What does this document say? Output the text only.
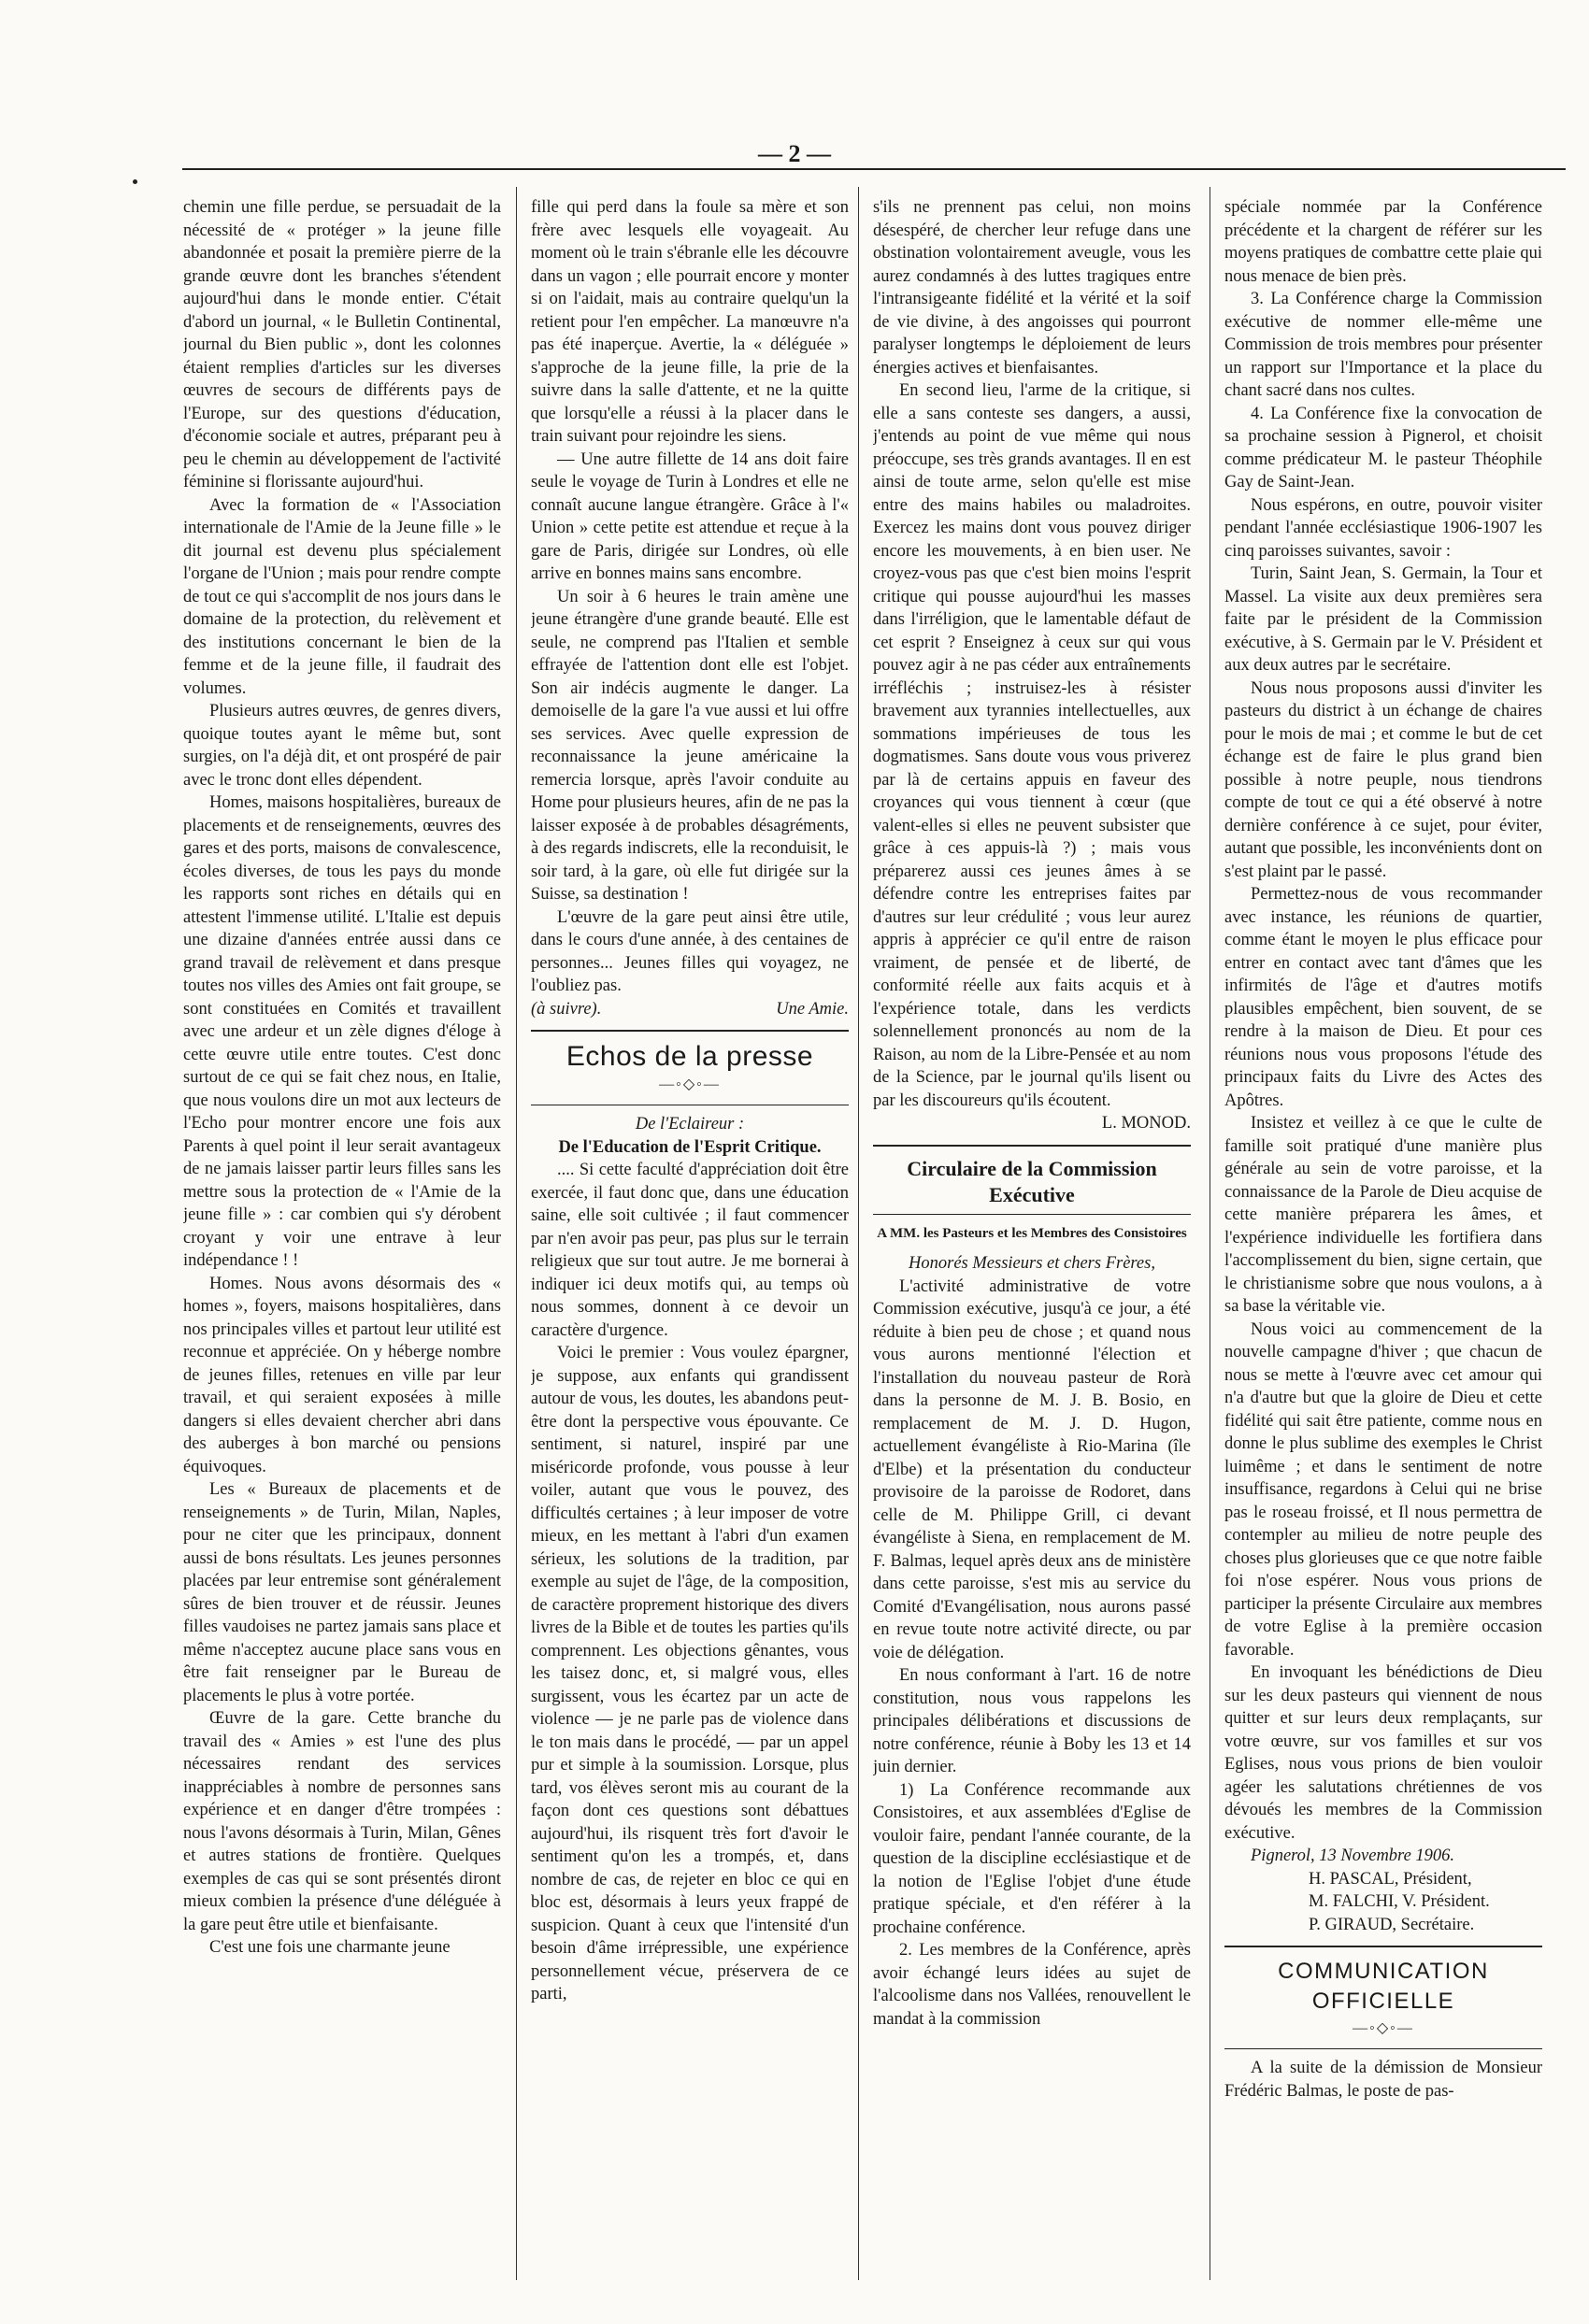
— 2 —

chemin une fille perdue, se persuadait de la nécessité de « protéger » la jeune fille abandonnée et posait la première pierre de la grande œuvre dont les branches s'étendent aujourd'hui dans le monde entier. C'était d'abord un journal, « le Bulletin Continental, journal du Bien public », dont les colonnes étaient remplies d'articles sur les diverses œuvres de secours de différents pays de l'Europe, sur des questions d'éducation, d'économie sociale et autres, préparant peu à peu le chemin au développement de l'activité féminine si florissante aujourd'hui.

Avec la formation de « l'Association internationale de l'Amie de la Jeune fille » le dit journal est devenu plus spécialement l'organe de l'Union ; mais pour rendre compte de tout ce qui s'accomplit de nos jours dans le domaine de la protection, du relèvement et des institutions concernant le bien de la femme et de la jeune fille, il faudrait des volumes.

Plusieurs autres œuvres, de genres divers, quoique toutes ayant le même but, sont surgies, on l'a déjà dit, et ont prospéré de pair avec le tronc dont elles dépendent.

Homes, maisons hospitalières, bureaux de placements et de renseignements, œuvres des gares et des ports, maisons de convalescence, écoles diverses, de tous les pays du monde les rapports sont riches en détails qui en attestent l'immense utilité. L'Italie est depuis une dizaine d'années entrée aussi dans ce grand travail de relèvement et dans presque toutes nos villes des Amies ont fait groupe, se sont constituées en Comités et travaillent avec une ardeur et un zèle dignes d'éloge à cette œuvre utile entre toutes. C'est donc surtout de ce qui se fait chez nous, en Italie, que nous voulons dire un mot aux lecteurs de l'Echo pour montrer encore une fois aux Parents à quel point il leur serait avantageux de ne jamais laisser partir leurs filles sans les mettre sous la protection de « l'Amie de la jeune fille » : car combien qui s'y dérobent croyant y voir une entrave à leur indépendance ! !

Homes. Nous avons désormais des « homes », foyers, maisons hospitalières, dans nos principales villes et partout leur utilité est reconnue et appréciée. On y héberge nombre de jeunes filles, retenues en ville par leur travail, et qui seraient exposées à mille dangers si elles devaient chercher abri dans des auberges à bon marché ou pensions équivoques.

Les « Bureaux de placements et de renseignements » de Turin, Milan, Naples, pour ne citer que les principaux, donnent aussi de bons résultats. Les jeunes personnes placées par leur entremise sont généralement sûres de bien trouver et de réussir. Jeunes filles vaudoises ne partez jamais sans place et même n'acceptez aucune place sans vous en être fait renseigner par le Bureau de placements le plus à votre portée.

Œuvre de la gare. Cette branche du travail des « Amies » est l'une des plus nécessaires rendant des services inappréciables à nombre de personnes sans expérience et en danger d'être trompées : nous l'avons désormais à Turin, Milan, Gênes et autres stations de frontière. Quelques exemples de cas qui se sont présentés diront mieux combien la présence d'une déléguée à la gare peut être utile et bienfaisante.

C'est une fois une charmante jeune

fille qui perd dans la foule sa mère et son frère avec lesquels elle voyageait. Au moment où le train s'ébranle elle les découvre dans un vagon ; elle pourrait encore y monter si on l'aidait, mais au contraire quelqu'un la retient pour l'en empêcher. La manœuvre n'a pas été inaperçue. Avertie, la « déléguée » s'approche de la jeune fille, la prie de la suivre dans la salle d'attente, et ne la quitte que lorsqu'elle a réussi à la placer dans le train suivant pour rejoindre les siens.

— Une autre fillette de 14 ans doit faire seule le voyage de Turin à Londres et elle ne connaît aucune langue étrangère. Grâce à l'« Union » cette petite est attendue et reçue à la gare de Paris, dirigée sur Londres, où elle arrive en bonnes mains sans encombre.

Un soir à 6 heures le train amène une jeune étrangère d'une grande beauté. Elle est seule, ne comprend pas l'Italien et semble effrayée de l'attention dont elle est l'objet. Son air indécis augmente le danger. La demoiselle de la gare l'a vue aussi et lui offre ses services. Avec quelle expression de reconnaissance la jeune américaine la remercia lorsque, après l'avoir conduite au Home pour plusieurs heures, afin de ne pas la laisser exposée à de probables désagréments, à des regards indiscrets, elle la reconduisit, le soir tard, à la gare, où elle fut dirigée sur la Suisse, sa destination !

L'œuvre de la gare peut ainsi être utile, dans le cours d'une année, à des centaines de personnes... Jeunes filles qui voyagez, ne l'oubliez pas.

(à suivre).	Une Amie.
Echos de la presse
—◦◇◦—

De l'Eclaireur :

De l'Education de l'Esprit Critique.

.... Si cette faculté d'appréciation doit être exercée, il faut donc que, dans une éducation saine, elle soit cultivée ; il faut commencer par n'en avoir pas peur, pas plus sur le terrain religieux que sur tout autre. Je me bornerai à indiquer ici deux motifs qui, au temps où nous sommes, donnent à ce devoir un caractère d'urgence.

Voici le premier : Vous voulez épargner, je suppose, aux enfants qui grandissent autour de vous, les doutes, les abandons peut-être dont la perspective vous épouvante. Ce sentiment, si naturel, inspiré par une miséricorde profonde, vous pousse à leur voiler, autant que vous le pouvez, des difficultés certaines ; à leur imposer de votre mieux, en les mettant à l'abri d'un examen sérieux, les solutions de la tradition, par exemple au sujet de l'âge, de la composition, de caractère proprement historique des divers livres de la Bible et de toutes les parties qu'ils comprennent. Les objections gênantes, vous les taisez donc, et, si malgré vous, elles surgissent, vous les écartez par un acte de violence — je ne parle pas de violence dans le ton mais dans le procédé, — par un appel pur et simple à la soumission. Lorsque, plus tard, vos élèves seront mis au courant de la façon dont ces questions sont débattues aujourd'hui, ils risquent très fort d'avoir le sentiment qu'on les a trompés, et, dans nombre de cas, de rejeter en bloc ce qui en bloc est, désormais à leurs yeux frappé de suspicion. Quant à ceux que l'intensité d'un besoin d'âme irrépressible, une expérience personnellement vécue, préservera de ce parti,

s'ils ne prennent pas celui, non moins désespéré, de chercher leur refuge dans une obstination volontairement aveugle, vous les aurez condamnés à des luttes tragiques entre l'intransigeante fidélité et la vérité et la soif de vie divine, à des angoisses qui pourront paralyser longtemps le déploiement de leurs énergies actives et bienfaisantes.

En second lieu, l'arme de la critique, si elle a sans conteste ses dangers, a aussi, j'entends au point de vue même qui nous préoccupe, ses très grands avantages. Il en est ainsi de toute arme, selon qu'elle est mise entre des mains habiles ou maladroites. Exercez les mains dont vous pouvez diriger encore les mouvements, à en bien user. Ne croyez-vous pas que c'est bien moins l'esprit critique qui pousse aujourd'hui les masses dans l'irréligion, que le lamentable défaut de cet esprit ? Enseignez à ceux sur qui vous pouvez agir à ne pas céder aux entraînements irréfléchis ; instruisez-les à résister bravement aux tyrannies intellectuelles, aux sommations impérieuses de tous les dogmatismes. Sans doute vous vous priverez par là de certains appuis en faveur des croyances qui vous tiennent à cœur (que valent-elles si elles ne peuvent subsister que grâce à ces appuis-là ?) ; mais vous préparerez aussi ces jeunes âmes à se défendre contre les entreprises faites par d'autres sur leur crédulité ; vous leur aurez appris à apprécier ce qu'il entre de raison vraiment, de pensée et de liberté, de conformité réelle aux faits acquis et à l'expérience totale, dans les verdicts solennellement prononcés au nom de la Raison, au nom de la Libre-Pensée et au nom de la Science, par le journal qu'ils lisent ou par les discoureurs qu'ils écoutent.

L. MONOD.

Circulaire de la Commission Exécutive
A MM. les Pasteurs et les Membres des Consistoires

Honorés Messieurs et chers Frères,

L'activité administrative de votre Commission exécutive, jusqu'à ce jour, a été réduite à bien peu de chose ; et quand nous vous aurons mentionné l'élection et l'installation du nouveau pasteur de Rorà dans la personne de M. J. B. Bosio, en remplacement de M. J. D. Hugon, actuellement évangéliste à Rio-Marina (île d'Elbe) et la présentation du conducteur provisoire de la paroisse de Rodoret, dans celle de M. Philippe Grill, ci devant évangéliste à Siena, en remplacement de M. F. Balmas, lequel après deux ans de ministère dans cette paroisse, s'est mis au service du Comité d'Evangélisation, nous aurons passé en revue toute notre activité directe, ou par voie de délégation.

En nous conformant à l'art. 16 de notre constitution, nous vous rappelons les principales délibérations et discussions de notre conférence, réunie à Boby les 13 et 14 juin dernier.

1) La Conférence recommande aux Consistoires, et aux assemblées d'Eglise de vouloir faire, pendant l'année courante, de la question de la discipline ecclésiastique et de la notion de l'Eglise l'objet d'une étude pratique spéciale, et d'en référer à la prochaine conférence.

2. Les membres de la Conférence, après avoir échangé leurs idées au sujet de l'alcoolisme dans nos Vallées, renouvellent le mandat à la commission

spéciale nommée par la Conférence précédente et la chargent de référer sur les moyens pratiques de combattre cette plaie qui nous menace de bien près.

3. La Conférence charge la Commission exécutive de nommer elle-même une Commission de trois membres pour présenter un rapport sur l'Importance et la place du chant sacré dans nos cultes.

4. La Conférence fixe la convocation de sa prochaine session à Pignerol, et choisit comme prédicateur M. le pasteur Théophile Gay de Saint-Jean.

Nous espérons, en outre, pouvoir visiter pendant l'année ecclésiastique 1906-1907 les cinq paroisses suivantes, savoir :

Turin, Saint Jean, S. Germain, la Tour et Massel. La visite aux deux premières sera faite par le président de la Commission exécutive, à S. Germain par le V. Président et aux deux autres par le secrétaire.

Nous nous proposons aussi d'inviter les pasteurs du district à un échange de chaires pour le mois de mai ; et comme le but de cet échange est de faire le plus grand bien possible à notre peuple, nous tiendrons compte de tout ce qui a été observé à notre dernière conférence à ce sujet, pour éviter, autant que possible, les inconvénients dont on s'est plaint par le passé.

Permettez-nous de vous recommander avec instance, les réunions de quartier, comme étant le moyen le plus efficace pour entrer en contact avec tant d'âmes que les infirmités de l'âge et d'autres motifs plausibles empêchent, bien souvent, de se rendre à la maison de Dieu. Et pour ces réunions nous vous proposons l'étude des principaux faits du Livre des Actes des Apôtres.

Insistez et veillez à ce que le culte de famille soit pratiqué d'une manière plus générale au sein de votre paroisse, et la connaissance de la Parole de Dieu acquise de cette manière préparera les âmes, et l'expérience individuelle les fortifiera dans l'accomplissement du bien, signe certain, que le christianisme sobre que nous voulons, a à sa base la véritable vie.

Nous voici au commencement de la nouvelle campagne d'hiver ; que chacun de nous se mette à l'œuvre avec cet amour qui n'a d'autre but que la gloire de Dieu et cette fidélité qui sait être patiente, comme nous en donne le plus sublime des exemples le Christ luimême ; et dans le sentiment de notre insuffisance, regardons à Celui qui ne brise pas le roseau froissé, et Il nous permettra de contempler au milieu de notre peuple des choses plus glorieuses que ce que notre faible foi n'ose espérer. Nous vous prions de participer la présente Circulaire aux membres de votre Eglise à la première occasion favorable.

En invoquant les bénédictions de Dieu sur les deux pasteurs qui viennent de nous quitter et sur leurs deux remplaçants, sur votre œuvre, sur vos familles et sur vos Eglises, nous vous prions de bien vouloir agéer les salutations chrétiennes de vos dévoués les membres de la Commission exécutive.

Pignerol, 13 Novembre 1906.

H. PASCAL, Président,

M. FALCHI, V. Président.

P. GIRAUD, Secrétaire.

COMMUNICATION OFFICIELLE
—◦◇◦—

A la suite de la démission de Monsieur Frédéric Balmas, le poste de pas-
